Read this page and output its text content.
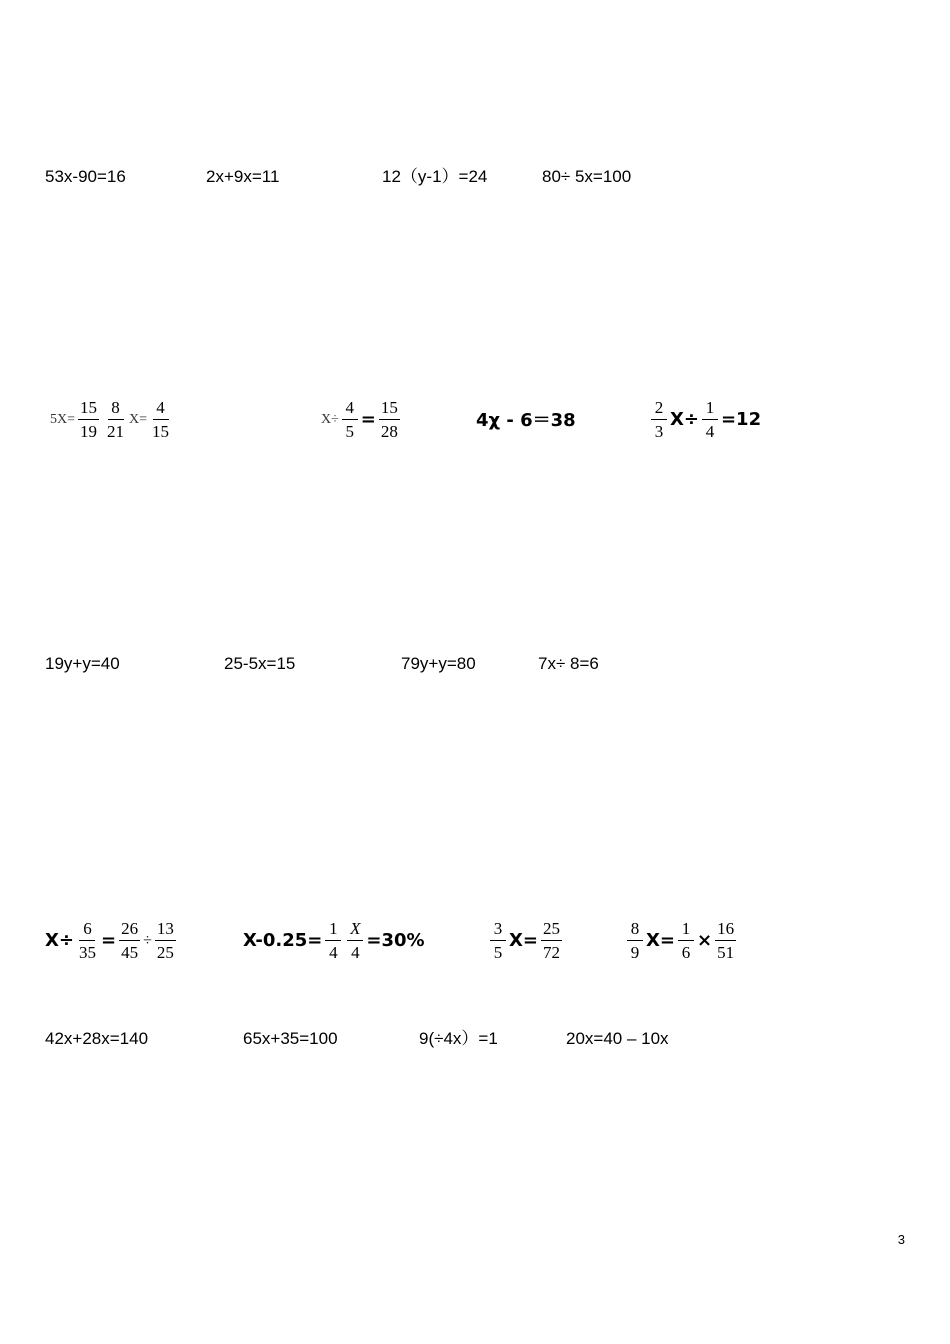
53x-90=16	2x+9x=11	12（y-1）=24	80÷ 5x=100
$5X= \frac{15}{19} \frac{8}{21} X= \frac{4}{15}$	$X\div \frac{4}{5} = \frac{15}{28}$	4χ - 6＝38	$\frac{2}{3} X\div \frac{1}{4} =12$
19y+y=40	25-5x=15	79y+y=80	7x÷ 8=6
$X\div \frac{6}{35} = \frac{26}{45} \div \frac{13}{25}$	$X-0.25= \frac{1}{4} \frac{X}{4} =30\%$	$\frac{3}{5} X= \frac{25}{72}$	$\frac{8}{9} X= \frac{1}{6} \times \frac{16}{51}$
42x+28x=140	65x+35=100	9(÷4x）=1	20x=40 – 10x
3
